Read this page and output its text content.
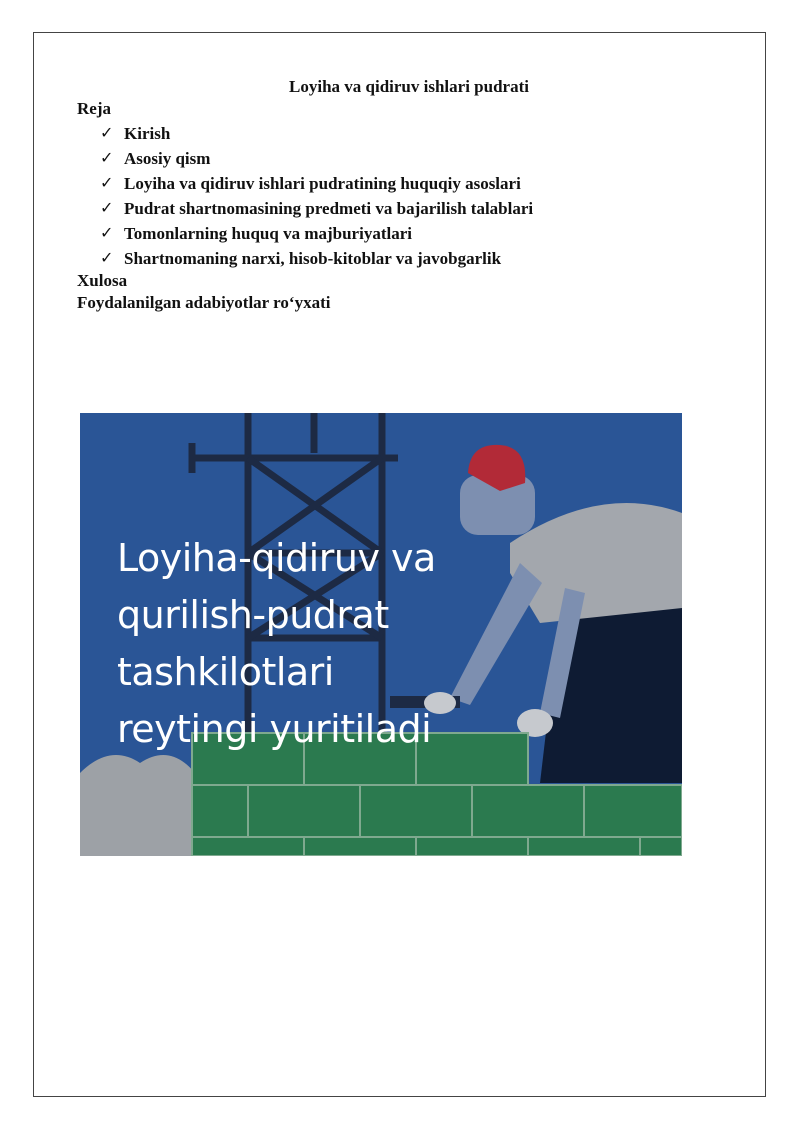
Loyiha va qidiruv ishlari pudrati
Reja
✓ Kirish
✓ Asosiy qism
✓ Loyiha va qidiruv ishlari pudratining huquqiy asoslari
✓ Pudrat shartnomasining predmeti va bajarilish talablari
✓ Tomonlarning huquq va majburiyatlari
✓ Shartnomaning narxi, hisob-kitoblar va javobgarlik
Xulosa
Foydalanilgan adabiyotlar ro‘yxati
Loyiha-qidiruv va
qurilish-pudrat
tashkilotlari
reytingi yuritiladi
